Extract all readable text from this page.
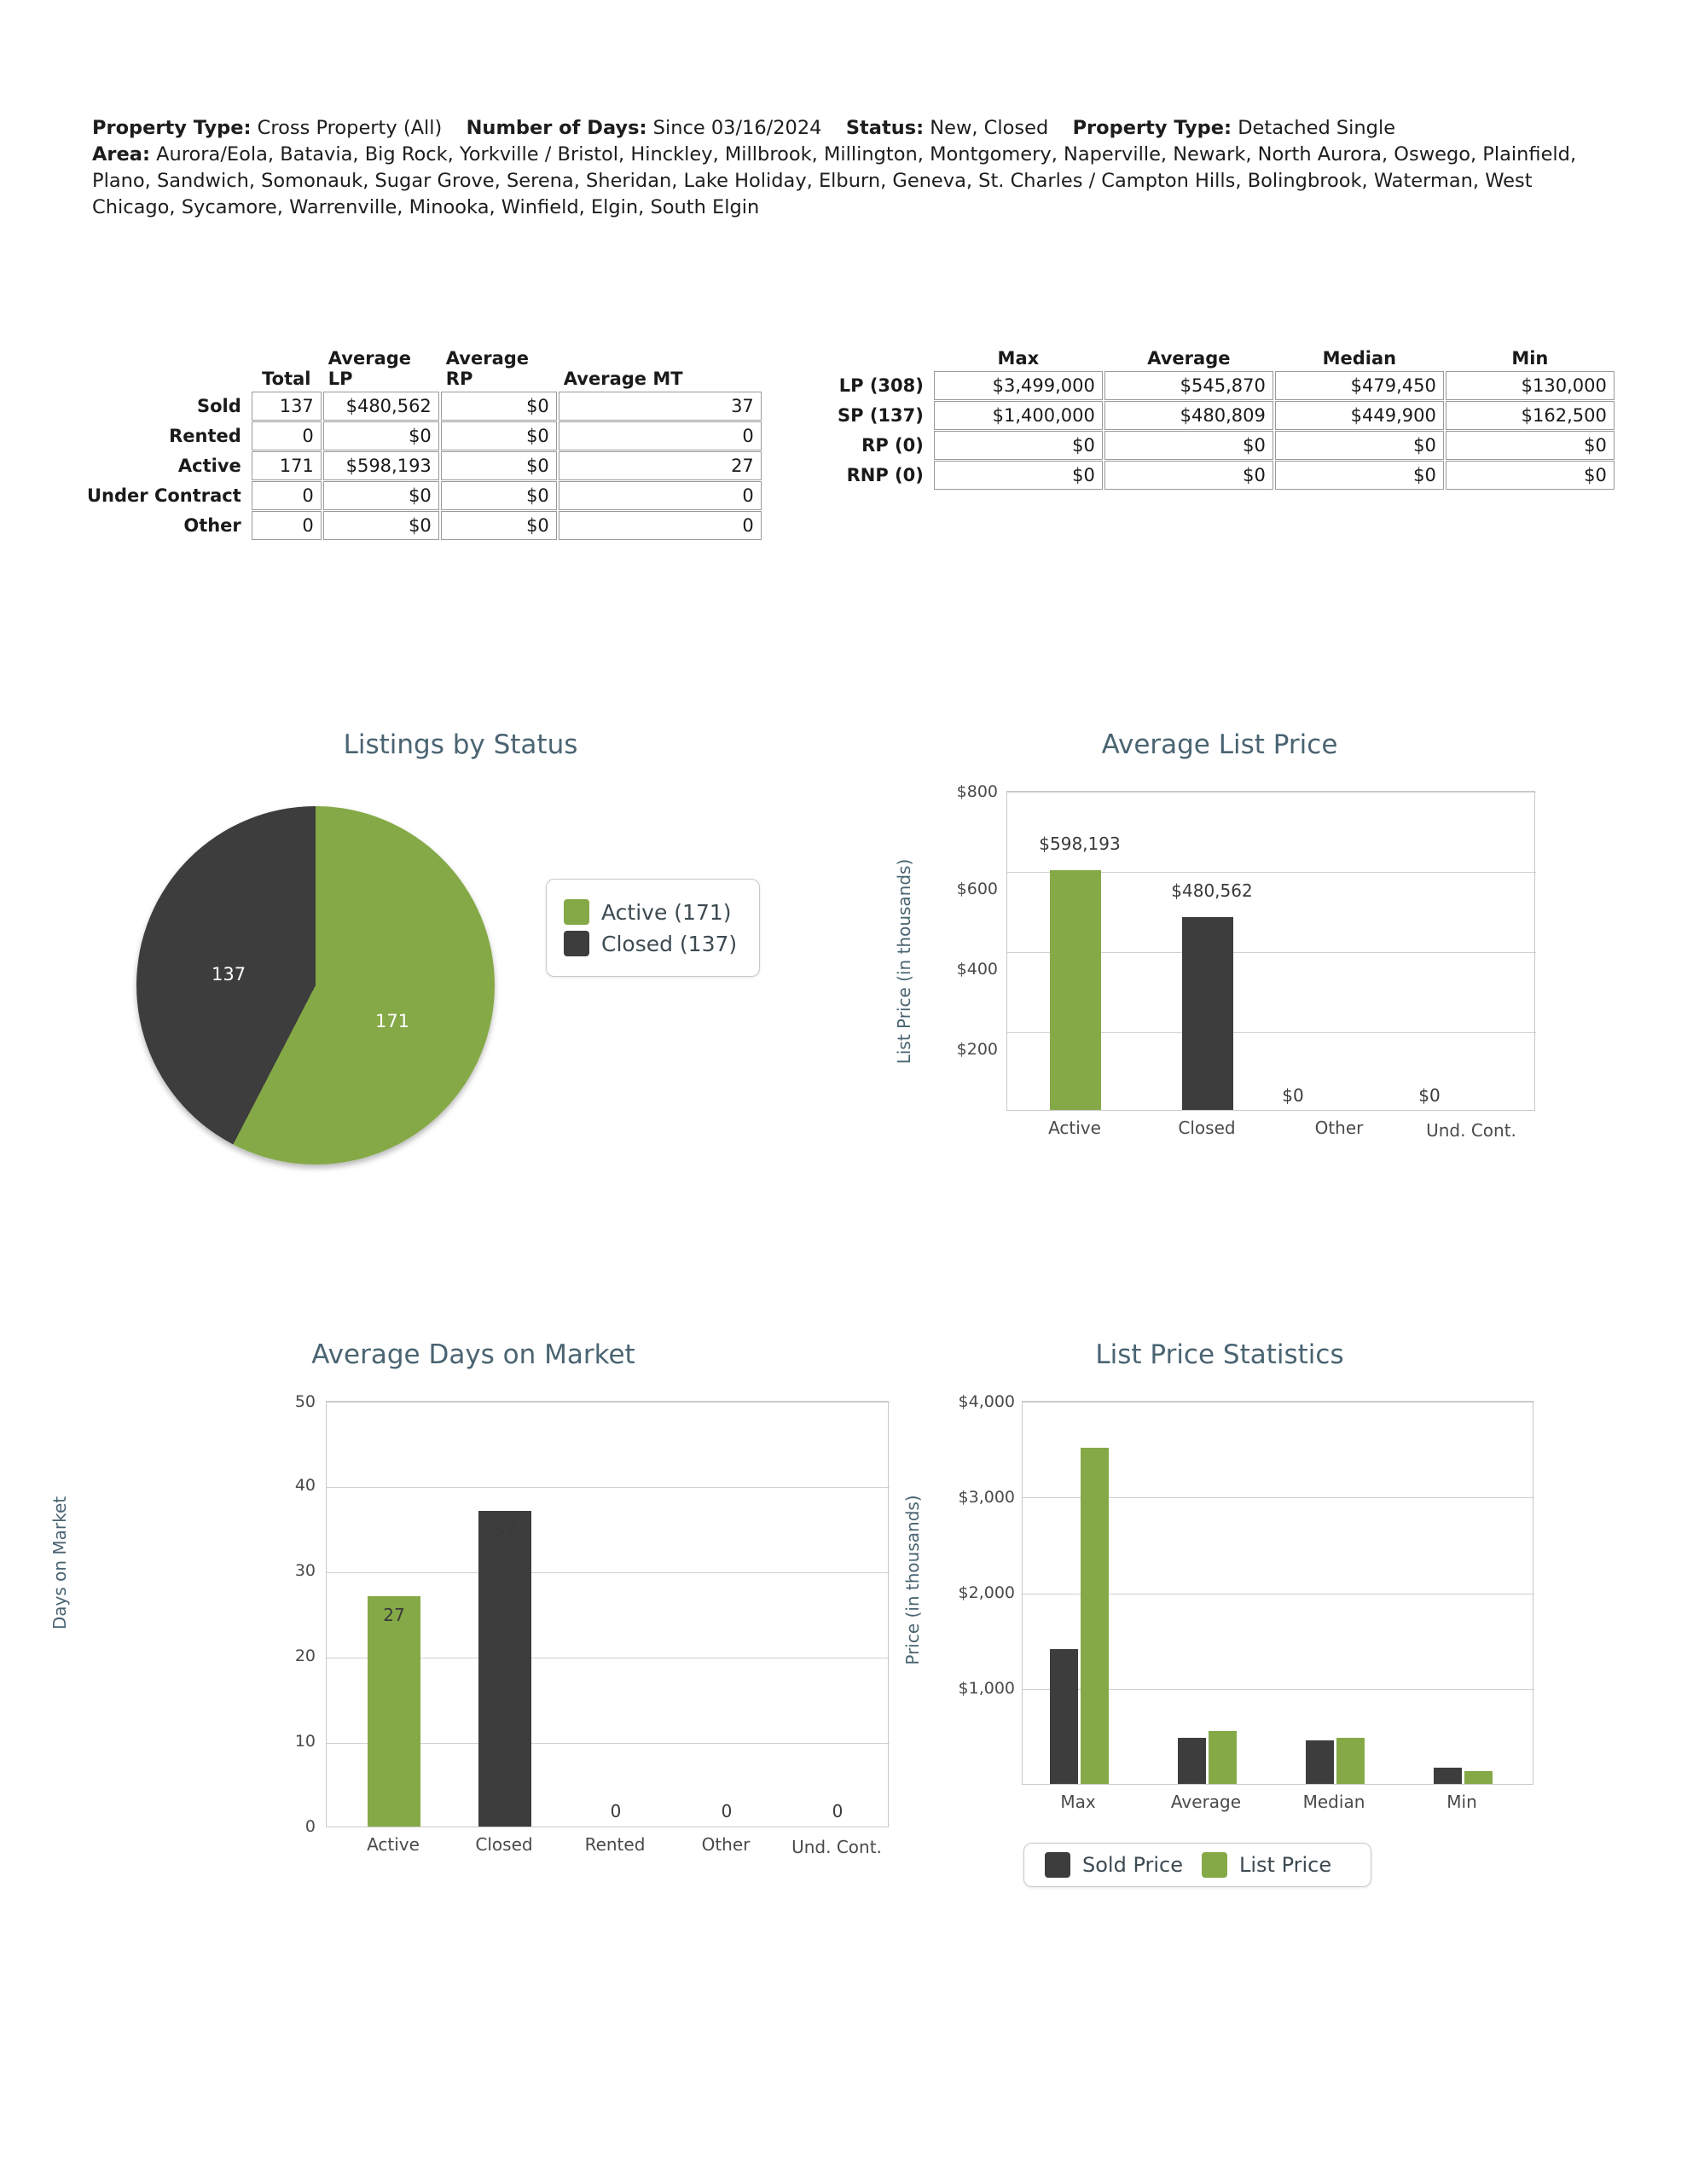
Property Type: Cross Property (All) Number of Days: Since 03/16/2024 Status: New, Closed Property Type: Detached Single
Area: Aurora/Eola, Batavia, Big Rock, Yorkville / Bristol, Hinckley, Millbrook, Millington, Montgomery, Naperville, Newark, North Aurora, Oswego, Plainfield, Plano, Sandwich, Somonauk, Sugar Grove, Serena, Sheridan, Lake Holiday, Elburn, Geneva, St. Charles / Campton Hills, Bolingbrook, Waterman, West Chicago, Sycamore, Warrenville, Minooka, Winfield, Elgin, South Elgin
	Total	Average LP	Average RP	Average MT
Sold	137	$480,562	$0	37
Rented	0	$0	$0	0
Active	171	$598,193	$0	27
Under Contract	0	$0	$0	0
Other	0	$0	$0	0
	Max	Average	Median	Min
LP (308)	$3,499,000	$545,870	$479,450	$130,000
SP (137)	$1,400,000	$480,809	$449,900	$162,500
RP (0)	$0	$0	$0	$0
RNP (0)	$0	$0	$0	$0
Listings by Status
137
171
Active (171)
Closed (137)
Average List Price
List Price (in thousands)	$200
$400
$600
$800
$598,193
$480,562
$0	$0
Active	Closed	Other	Und. Cont.
Average Days on Market
Days on Market
0
10
20
30
40
50
27
37
0	0	0
Active	Closed	Rented	Other	Und. Cont.
List Price Statistics
Price (in thousands)
$1,000
$2,000
$3,000
$4,000
Max	Average	Median	Min
Sold Price	List Price
